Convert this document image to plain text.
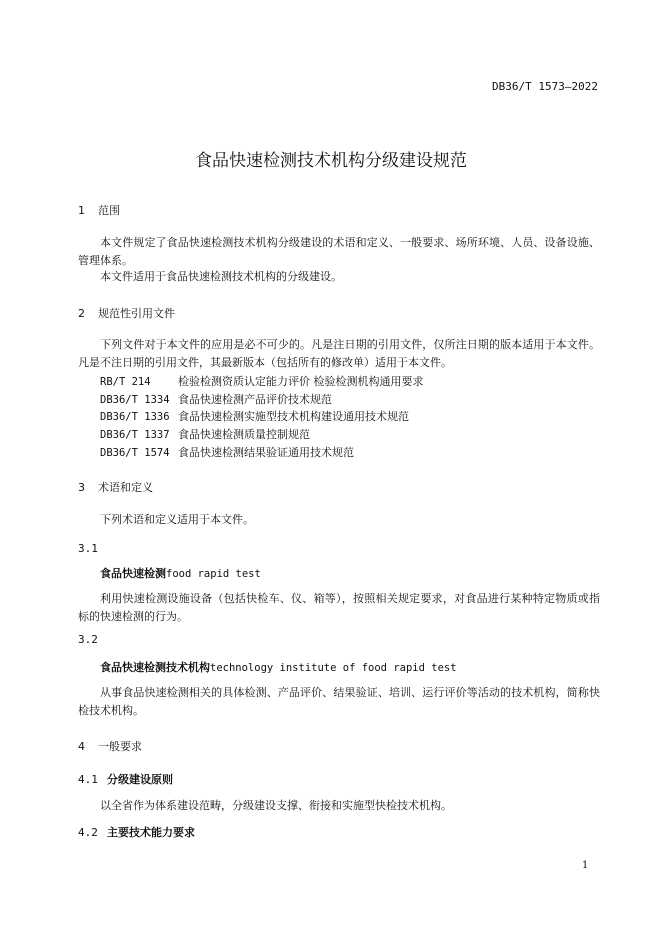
DB36/T 1573—2022
食品快速检测技术机构分级建设规范
1 范围
本文件规定了食品快速检测技术机构分级建设的术语和定义、一般要求、场所环境、人员、设备设施、管理体系。
本文件适用于食品快速检测技术机构的分级建设。
2 规范性引用文件
下列文件对于本文件的应用是必不可少的。凡是注日期的引用文件，仅所注日期的版本适用于本文件。凡是不注日期的引用文件，其最新版本（包括所有的修改单）适用于本文件。
RB/T 214 检验检测资质认定能力评价 检验检测机构通用要求
DB36/T 1334 食品快速检测产品评价技术规范
DB36/T 1336 食品快速检测实施型技术机构建设通用技术规范
DB36/T 1337 食品快速检测质量控制规范
DB36/T 1574 食品快速检测结果验证通用技术规范
3 术语和定义
下列术语和定义适用于本文件。
3.1
食品快速检测food rapid test
利用快速检测设施设备（包括快检车、仪、箱等），按照相关规定要求，对食品进行某种特定物质或指标的快速检测的行为。
3.2
食品快速检测技术机构technology institute of food rapid test
从事食品快速检测相关的具体检测、产品评价、结果验证、培训、运行评价等活动的技术机构，简称快检技术机构。
4 一般要求
4.1 分级建设原则
以全省作为体系建设范畴，分级建设支撑、衔接和实施型快检技术机构。
4.2 主要技术能力要求
1
